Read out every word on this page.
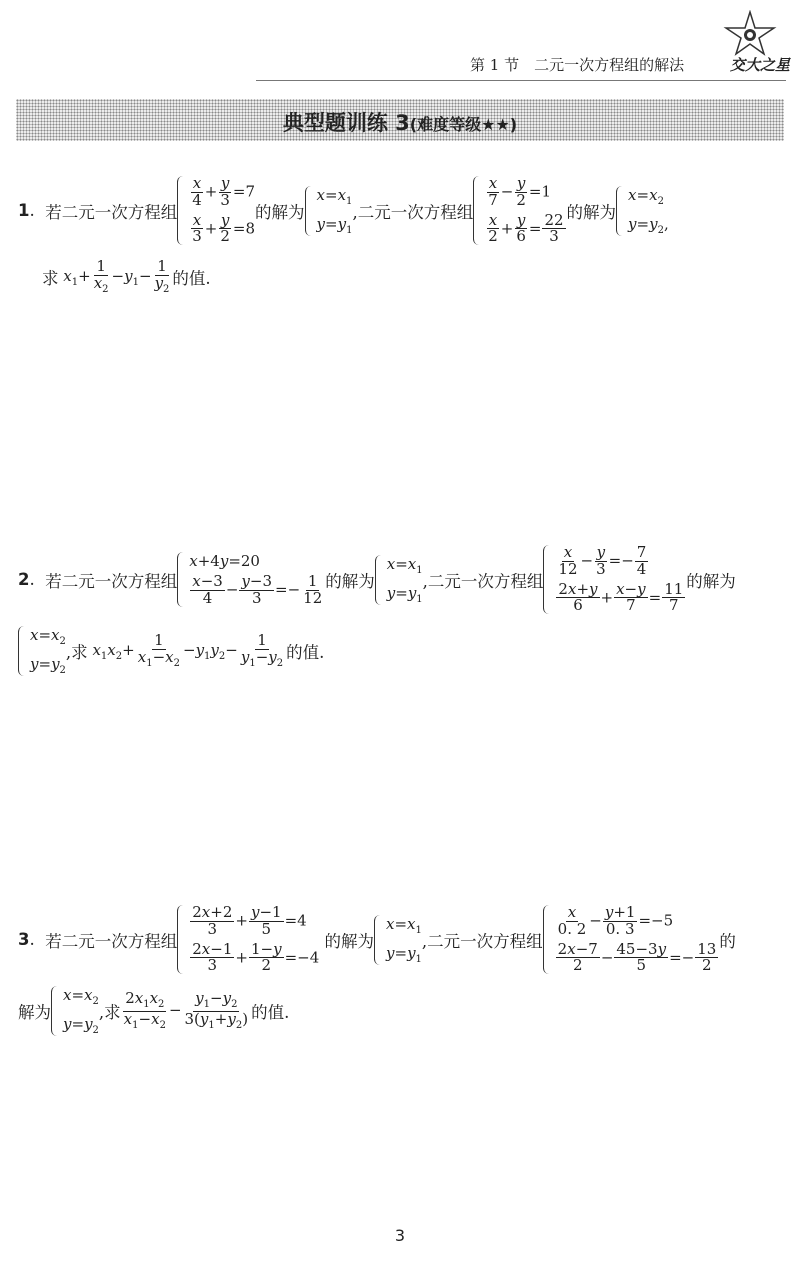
第 1 节　二元一次方程组的解法	交大之星
典型题训练 3(难度等级★★)
1 . 若二元一次方程组
$\frac{x}{4} + \frac{y}{3} =7$
$\frac{x}{3} + \frac{y}{2} =8$
的解为
$x=x_1$
$y=y_1$
,二元一次方程组
$\frac{x}{7} - \frac{y}{2} =1$
$\frac{x}{2} + \frac{y}{6} = \frac{22}{3}$
的解为
$x=x_2$
$y=y_2$,
求 $x_1+ \frac{1}{x_2} -y_1- \frac{1}{y_2}$ 的值.
2 . 若二元一次方程组
x+4y=20
$\frac{x-3}{4} - \frac{y-3}{3} =- \frac{1}{12}$ 的解为
$x=x_1$
$y=y_1$
,二元一次方程组
$\frac{x}{12} - \frac{y}{3} =- \frac{7}{4}$
$\frac{2x+y}{6} + \frac{x-y}{7} = \frac{11}{7}$
的解为
$x=x_2$
$y=y_2$
,求 $x_1x_2+ \frac{1}{x_1-x_2} -y_1y_2- \frac{1}{y_1-y_2}$ 的值.
3 . 若二元一次方程组
$\frac{2x+2}{3} + \frac{y-1}{5} =4$
$\frac{2x-1}{3} + \frac{1-y}{2} =-4$

的解为
$x=x_1$
$y=y_1$
,二元一次方程组
$\frac{x}{0. 2} - \frac{y+1}{0. 3} =-5$
$\frac{2x-7}{2} - \frac{45-3y}{5} =- \frac{13}{2}$
的
解为
$x=x_2$
$y=y_2$
,求 $\frac{2x_1x_2}{x_1-x_2} - \frac{y_1-y_2}{3(y_1+y_2)}$ 的值.
3
